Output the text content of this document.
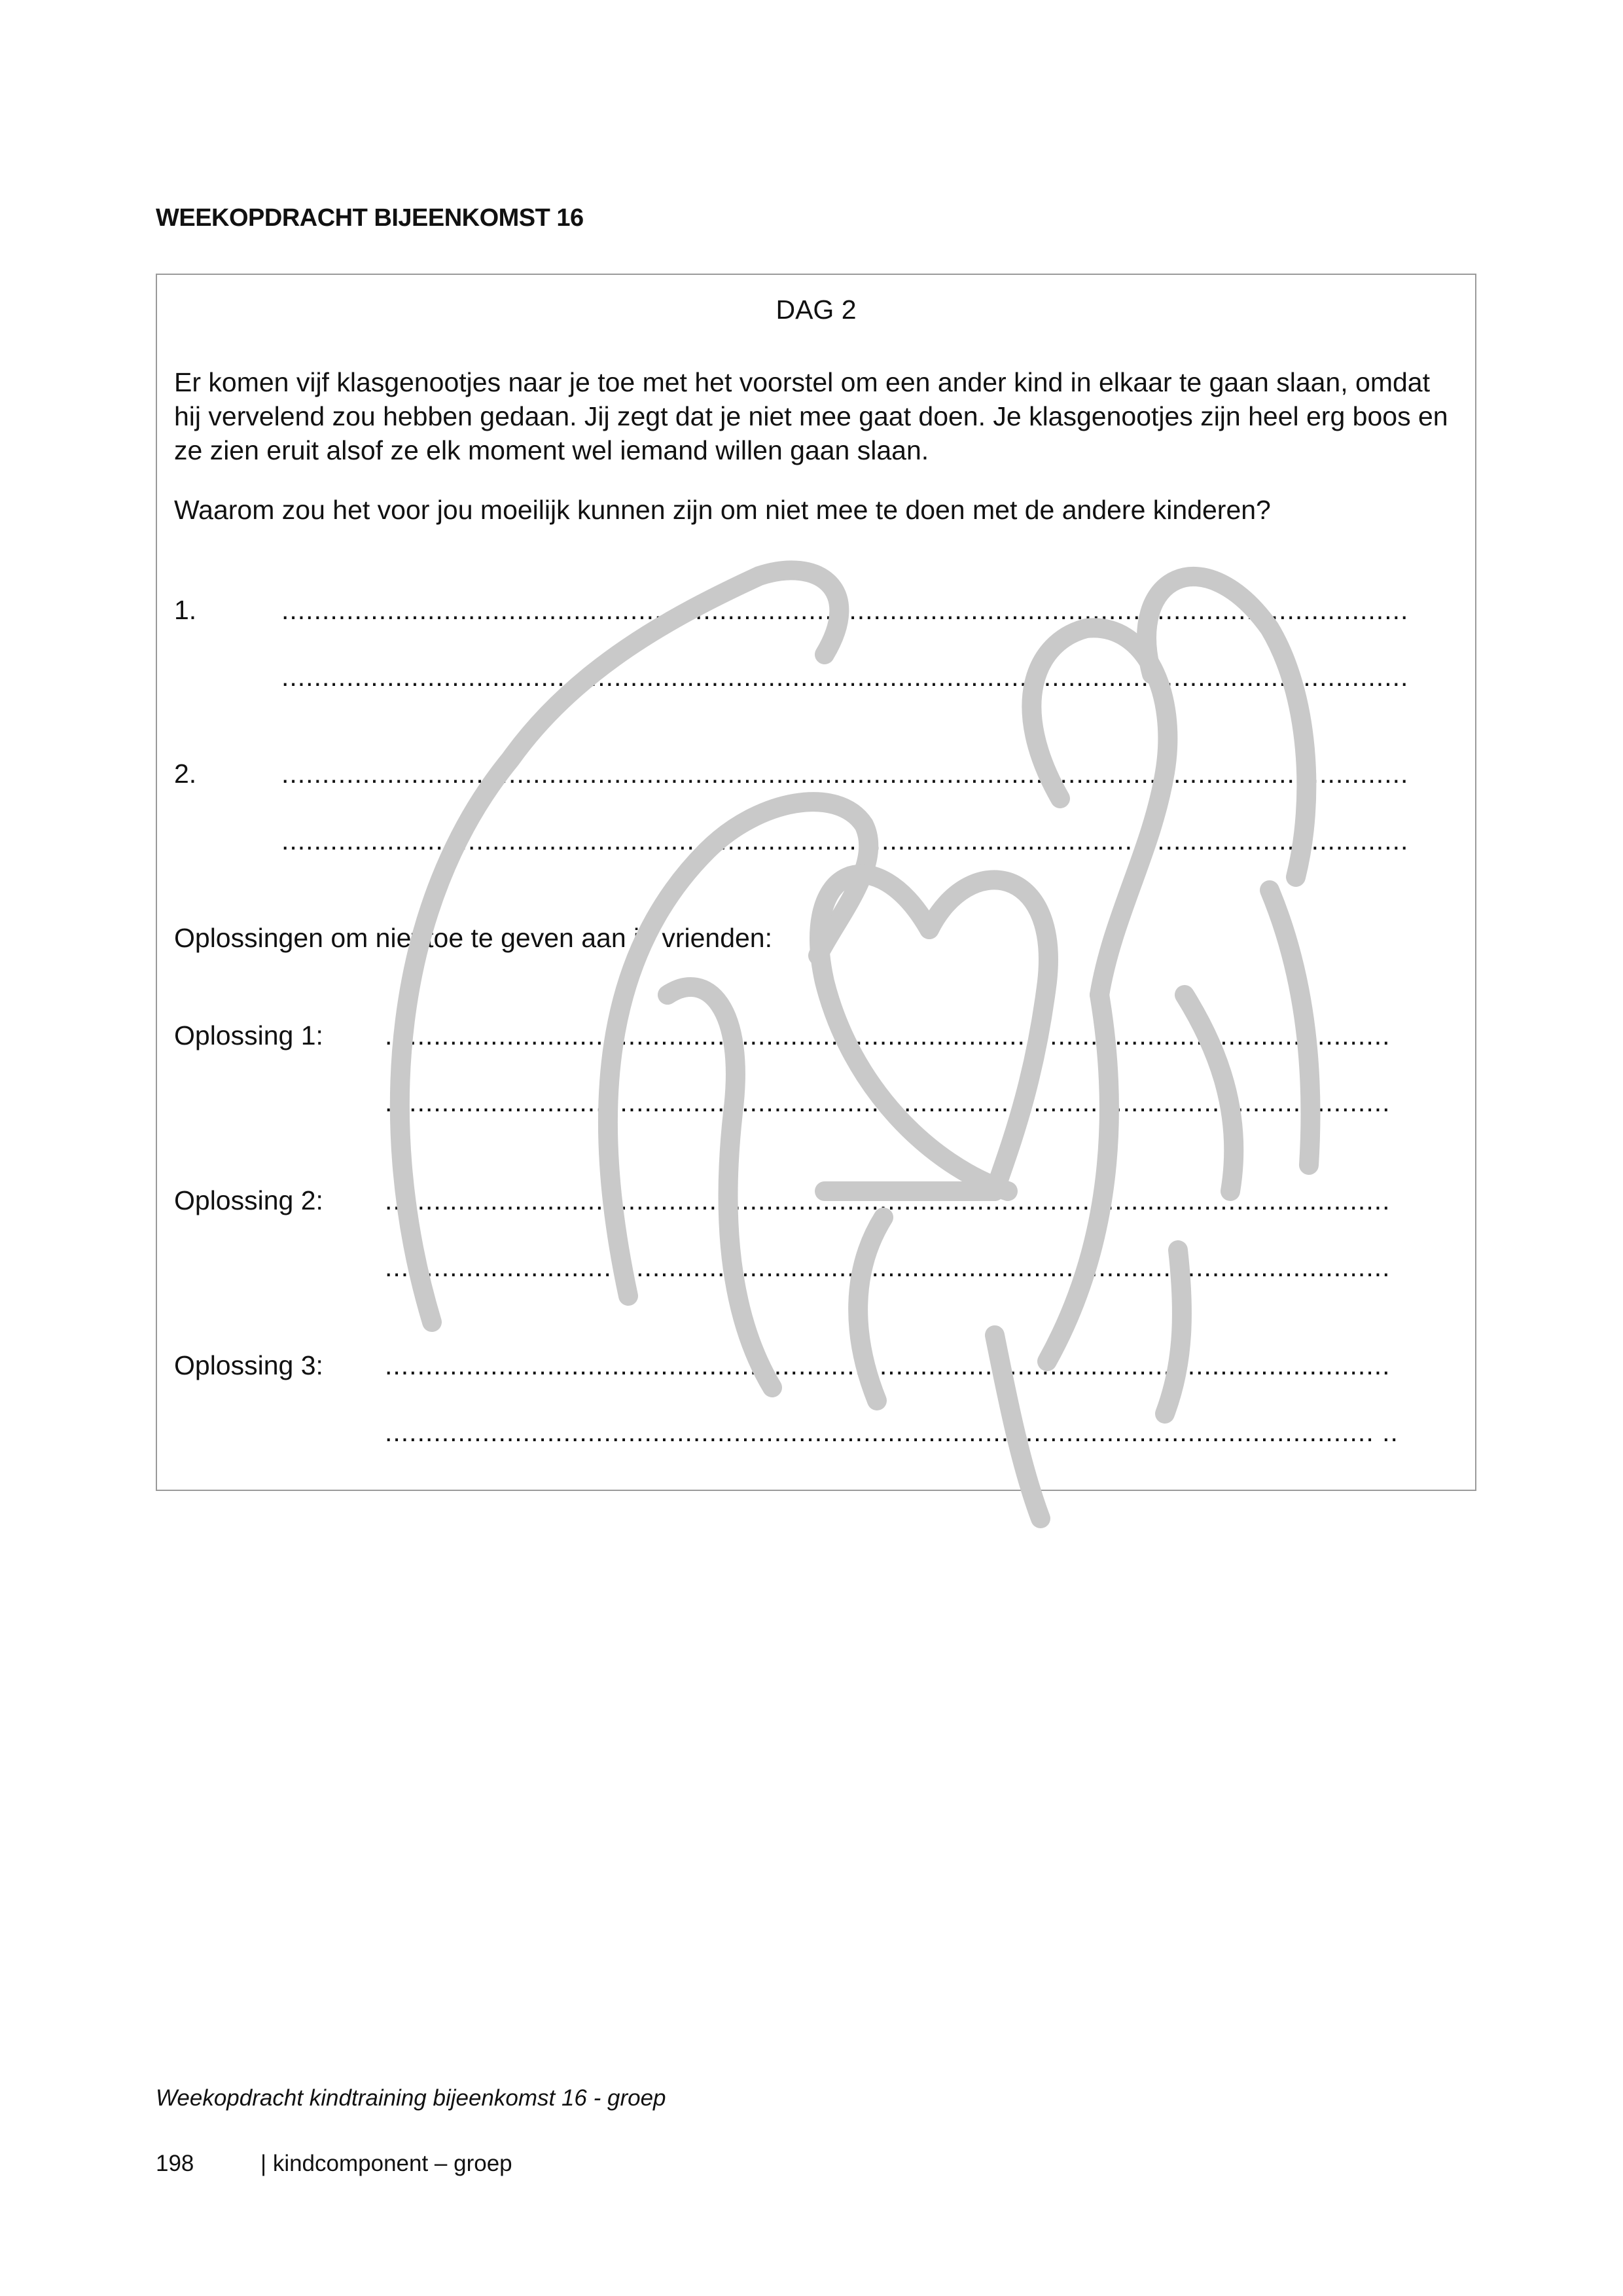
WEEKOPDRACHT BIJEENKOMST 16
DAG 2

Er komen vijf klasgenootjes naar je toe met het voorstel om een ander kind in elkaar te gaan slaan, omdat hij vervelend zou hebben gedaan. Jij zegt dat je niet mee gaat doen. Je klasgenootjes zijn heel erg boos en ze zien eruit alsof ze elk moment wel iemand willen gaan slaan.

Waarom zou het voor jou moeilijk kunnen zijn om niet mee te doen met de andere kinderen?

1.	...........................................................................................................................................
...........................................................................................................................................
2.	...........................................................................................................................................
...........................................................................................................................................
Oplossingen om niet toe te geven aan je vrienden:
Oplossing 1: ............................................................................................................................
............................................................................................................................
Oplossing 2: ............................................................................................................................
............................................................................................................................
Oplossing 3: ............................................................................................................................
.......................................................................................................................... ..
Weekopdracht kindtraining bijeenkomst 16 - groep
198	| kindcomponent – groep
